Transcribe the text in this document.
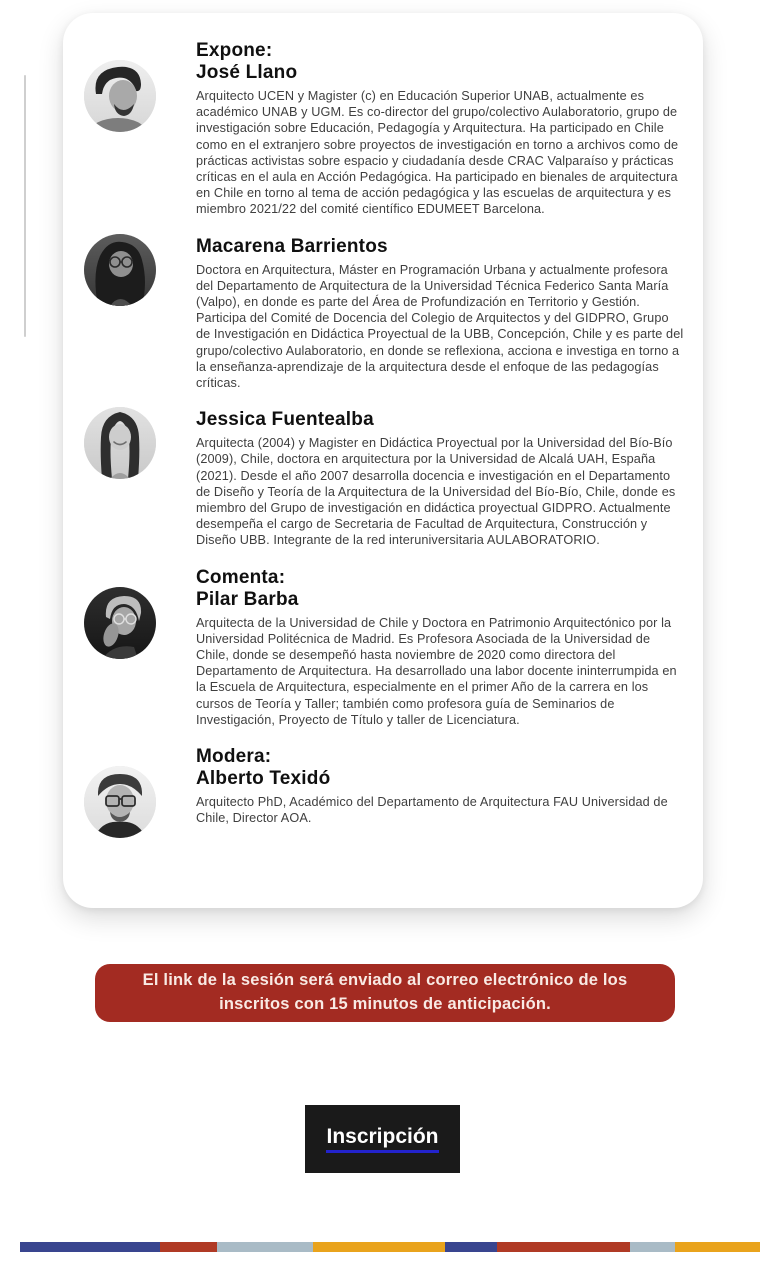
Expone:
José Llano
Arquitecto UCEN y Magister (c) en Educación Superior UNAB, actualmente es académico UNAB y UGM. Es co-director del grupo/colectivo Aulaboratorio, grupo de investigación sobre Educación, Pedagogía y Arquitectura. Ha participado en Chile como en el extranjero sobre proyectos de investigación en torno a archivos como de prácticas activistas sobre espacio y ciudadanía desde CRAC Valparaíso y prácticas críticas en el aula en Acción Pedagógica. Ha participado en bienales de arquitectura en Chile en torno al tema de acción pedagógica y las escuelas de arquitectura y es miembro 2021/22 del comité científico EDUMEET Barcelona.
Macarena Barrientos
Doctora en Arquitectura, Máster en Programación Urbana y actualmente profesora del Departamento de Arquitectura de la Universidad Técnica Federico Santa María (Valpo), en donde es parte del Área de Profundización en Territorio y Gestión. Participa del Comité de Docencia del Colegio de Arquitectos y del GIDPRO, Grupo de Investigación en Didáctica Proyectual de la UBB, Concepción, Chile y es parte del grupo/colectivo Aulaboratorio, en donde se reflexiona, acciona e investiga en torno a la enseñanza-aprendizaje de la arquitectura desde el enfoque de las pedagogías críticas.
Jessica Fuentealba
Arquitecta (2004) y Magister en Didáctica Proyectual por la Universidad del Bío-Bío (2009), Chile, doctora en arquitectura por la Universidad de Alcalá UAH, España (2021). Desde el año 2007 desarrolla docencia e investigación en el Departamento de Diseño y Teoría de la Arquitectura de la Universidad del Bío-Bío, Chile, donde es miembro del Grupo de investigación en didáctica proyectual GIDPRO. Actualmente desempeña el cargo de Secretaria de Facultad de Arquitectura, Construcción y Diseño UBB. Integrante de la red interuniversitaria AULABORATORIO.
Comenta:
Pilar Barba
Arquitecta de la Universidad de Chile y Doctora en Patrimonio Arquitectónico por la Universidad Politécnica de Madrid. Es Profesora Asociada de la Universidad de Chile, donde se desempeñó hasta noviembre de 2020 como directora del Departamento de Arquitectura. Ha desarrollado una labor docente ininterrumpida en la Escuela de Arquitectura, especialmente en el primer Año de la carrera en los cursos de Teoría y Taller; también como profesora guía de Seminarios de Investigación, Proyecto de Título y taller de Licenciatura.
Modera:
Alberto Texidó
Arquitecto PhD, Académico del Departamento de Arquitectura FAU Universidad de Chile, Director AOA.
El link de la sesión será enviado al correo electrónico de los inscritos con 15 minutos de anticipación.
Inscripción
